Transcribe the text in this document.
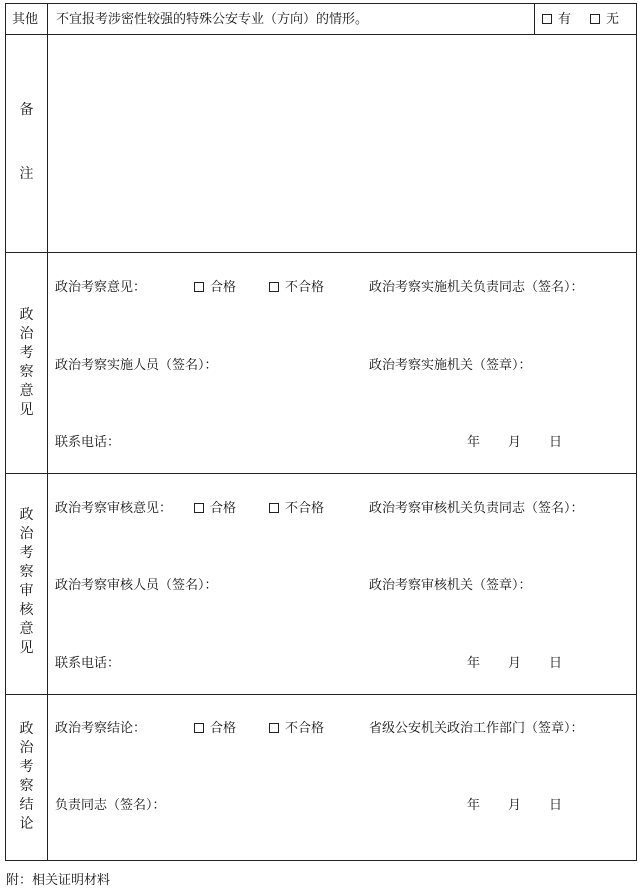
其他 不宜报考涉密性较强的特殊公安专业（方向）的情形。	有	无
备
注
政
治
考
察
意
见
政治考察意见：	合格	不合格	政治考察实施机关负责同志（签名）：
政治考察实施人员（签名）：	政治考察实施机关（签章）：
联系电话：	年 月 日
政
治
考
察
审
核
意
见
政治考察审核意见：	合格	不合格	政治考察审核机关负责同志（签名）：
政治考察审核人员（签名）：	政治考察审核机关（签章）：
联系电话：	年 月 日
政
治
考
察
结
论
政治考察结论：	合格	不合格	省级公安机关政治工作部门（签章）：
负责同志（签名）：	年 月 日
附：相关证明材料
